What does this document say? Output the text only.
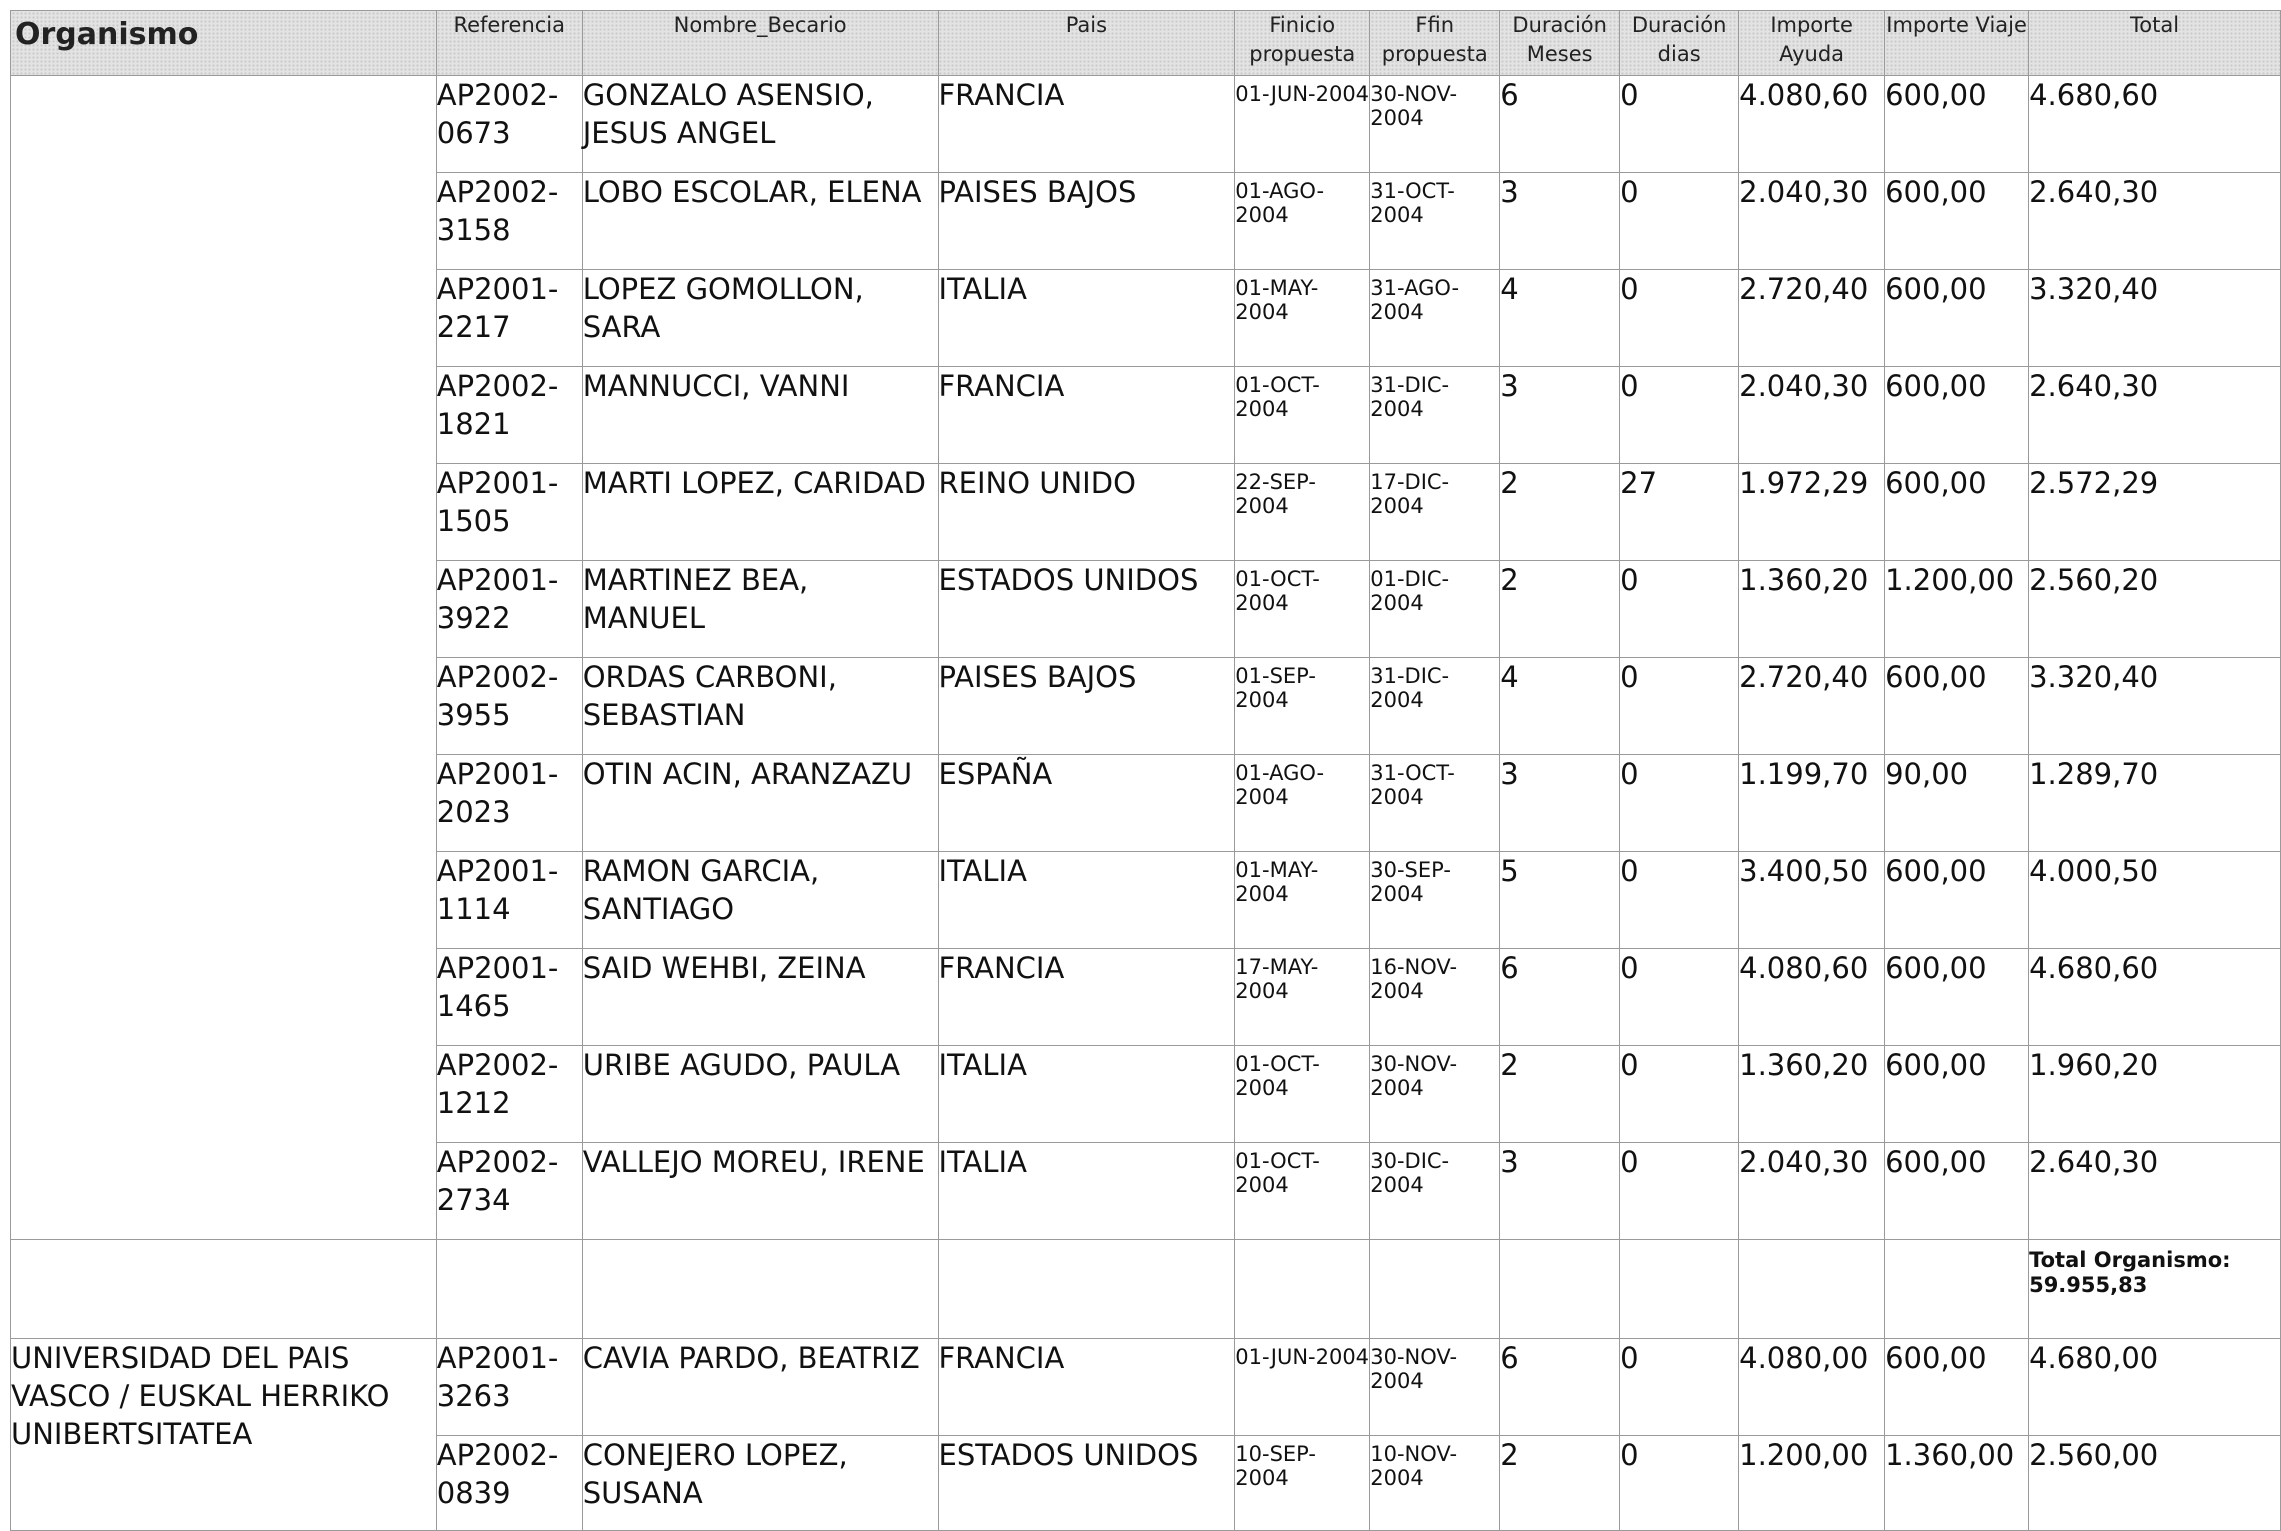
Organismo	Referencia	Nombre_Becario	Pais	Finicio propuesta	Ffin propuesta	Duración Meses	Duración dias	Importe Ayuda	Importe Viaje	Total
	AP2002-0673	GONZALO ASENSIO, JESUS ANGEL	FRANCIA	01-JUN-2004	30-NOV-2004	6	0	4.080,60	600,00	4.680,60
	AP2002-3158	LOBO ESCOLAR, ELENA	PAISES BAJOS	01-AGO-2004	31-OCT-2004	3	0	2.040,30	600,00	2.640,30
	AP2001-2217	LOPEZ GOMOLLON, SARA	ITALIA	01-MAY-2004	31-AGO-2004	4	0	2.720,40	600,00	3.320,40
	AP2002-1821	MANNUCCI, VANNI	FRANCIA	01-OCT-2004	31-DIC-2004	3	0	2.040,30	600,00	2.640,30
	AP2001-1505	MARTI LOPEZ, CARIDAD	REINO UNIDO	22-SEP-2004	17-DIC-2004	2	27	1.972,29	600,00	2.572,29
	AP2001-3922	MARTINEZ BEA, MANUEL	ESTADOS UNIDOS	01-OCT-2004	01-DIC-2004	2	0	1.360,20	1.200,00	2.560,20
	AP2002-3955	ORDAS CARBONI, SEBASTIAN	PAISES BAJOS	01-SEP-2004	31-DIC-2004	4	0	2.720,40	600,00	3.320,40
	AP2001-2023	OTIN ACIN, ARANZAZU	ESPAÑA	01-AGO-2004	31-OCT-2004	3	0	1.199,70	90,00	1.289,70
	AP2001-1114	RAMON GARCIA, SANTIAGO	ITALIA	01-MAY-2004	30-SEP-2004	5	0	3.400,50	600,00	4.000,50
	AP2001-1465	SAID WEHBI, ZEINA	FRANCIA	17-MAY-2004	16-NOV-2004	6	0	4.080,60	600,00	4.680,60
	AP2002-1212	URIBE AGUDO, PAULA	ITALIA	01-OCT-2004	30-NOV-2004	2	0	1.360,20	600,00	1.960,20
	AP2002-2734	VALLEJO MOREU, IRENE	ITALIA	01-OCT-2004	30-DIC-2004	3	0	2.040,30	600,00	2.640,30
										Total Organismo: 59.955,83
UNIVERSIDAD DEL PAIS VASCO / EUSKAL HERRIKO UNIBERTSITATEA	AP2001-3263	CAVIA PARDO, BEATRIZ	FRANCIA	01-JUN-2004	30-NOV-2004	6	0	4.080,00	600,00	4.680,00
	AP2002-0839	CONEJERO LOPEZ, SUSANA	ESTADOS UNIDOS	10-SEP-2004	10-NOV-2004	2	0	1.200,00	1.360,00	2.560,00
